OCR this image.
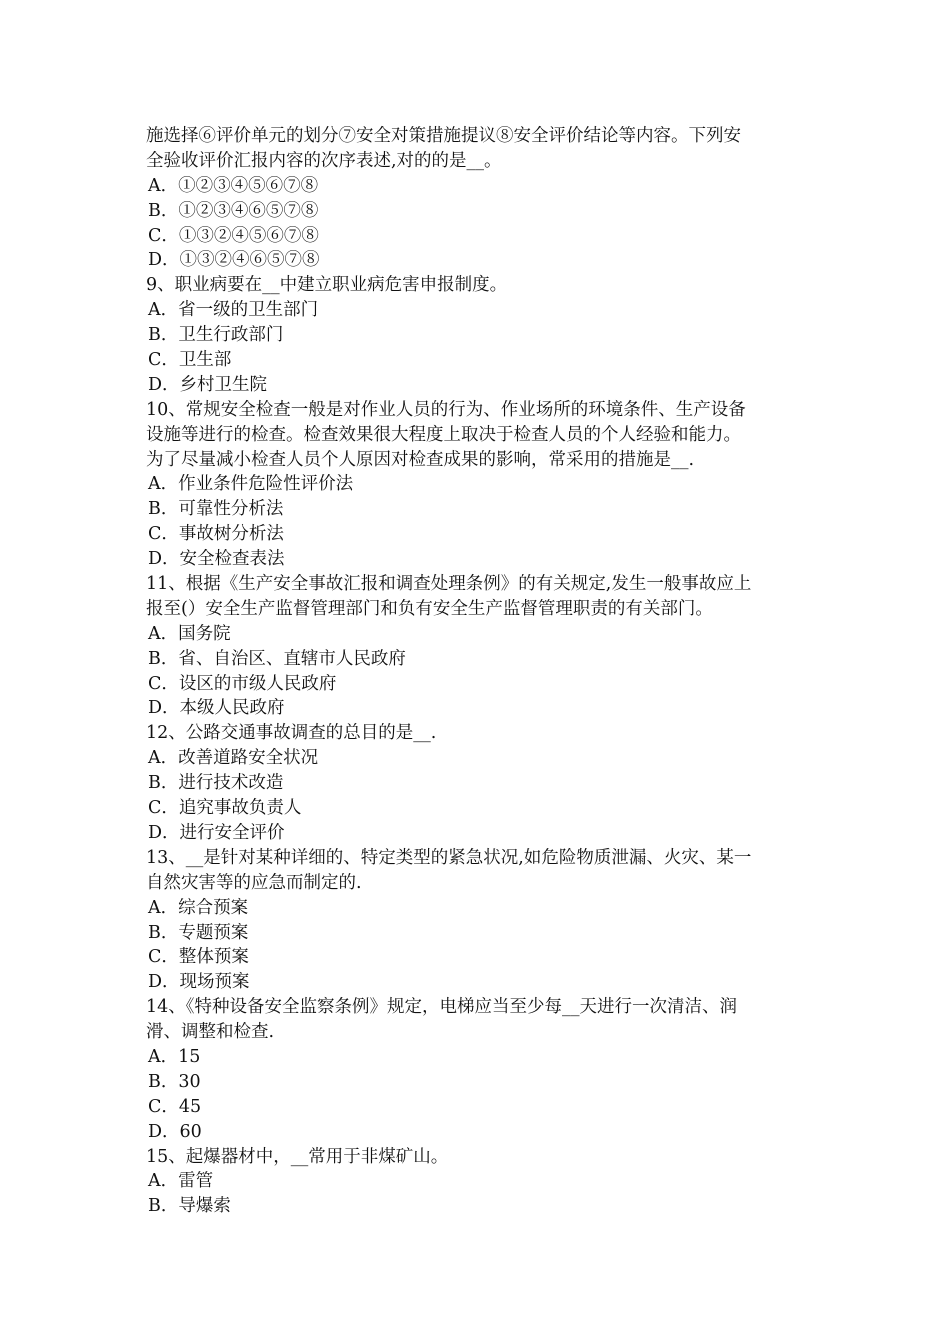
施选择⑥评价单元的划分⑦安全对策措施提议⑧安全评价结论等内容。下列安
全验收评价汇报内容的次序表述,对的的是__。
A．①②③④⑤⑥⑦⑧
B．①②③④⑥⑤⑦⑧
C．①③②④⑤⑥⑦⑧
D．①③②④⑥⑤⑦⑧
9、职业病要在__中建立职业病危害申报制度。
A．省一级的卫生部门
B．卫生行政部门
C．卫生部
D．乡村卫生院
10、常规安全检查一般是对作业人员的行为、作业场所的环境条件、生产设备
设施等进行的检查。检查效果很大程度上取决于检查人员的个人经验和能力。
为了尽量减小检查人员个人原因对检查成果的影响，常采用的措施是__.
A．作业条件危险性评价法
B．可靠性分析法
C．事故树分析法
D．安全检查表法
11、根据《生产安全事故汇报和调查处理条例》的有关规定,发生一般事故应上
报至(）安全生产监督管理部门和负有安全生产监督管理职责的有关部门。
A．国务院
B．省、自治区、直辖市人民政府
C．设区的市级人民政府
D．本级人民政府
12、公路交通事故调查的总目的是__.
A．改善道路安全状况
B．进行技术改造
C．追究事故负责人
D．进行安全评价
13、__是针对某种详细的、特定类型的紧急状况,如危险物质泄漏、火灾、某一
自然灾害等的应急而制定的.
A．综合预案
B．专题预案
C．整体预案
D．现场预案
14、《特种设备安全监察条例》规定，电梯应当至少每__天进行一次清洁、润
滑、调整和检查.
A．15
B．30
C．45
D．60
15、起爆器材中，__常用于非煤矿山。
A．雷管
B．导爆索
